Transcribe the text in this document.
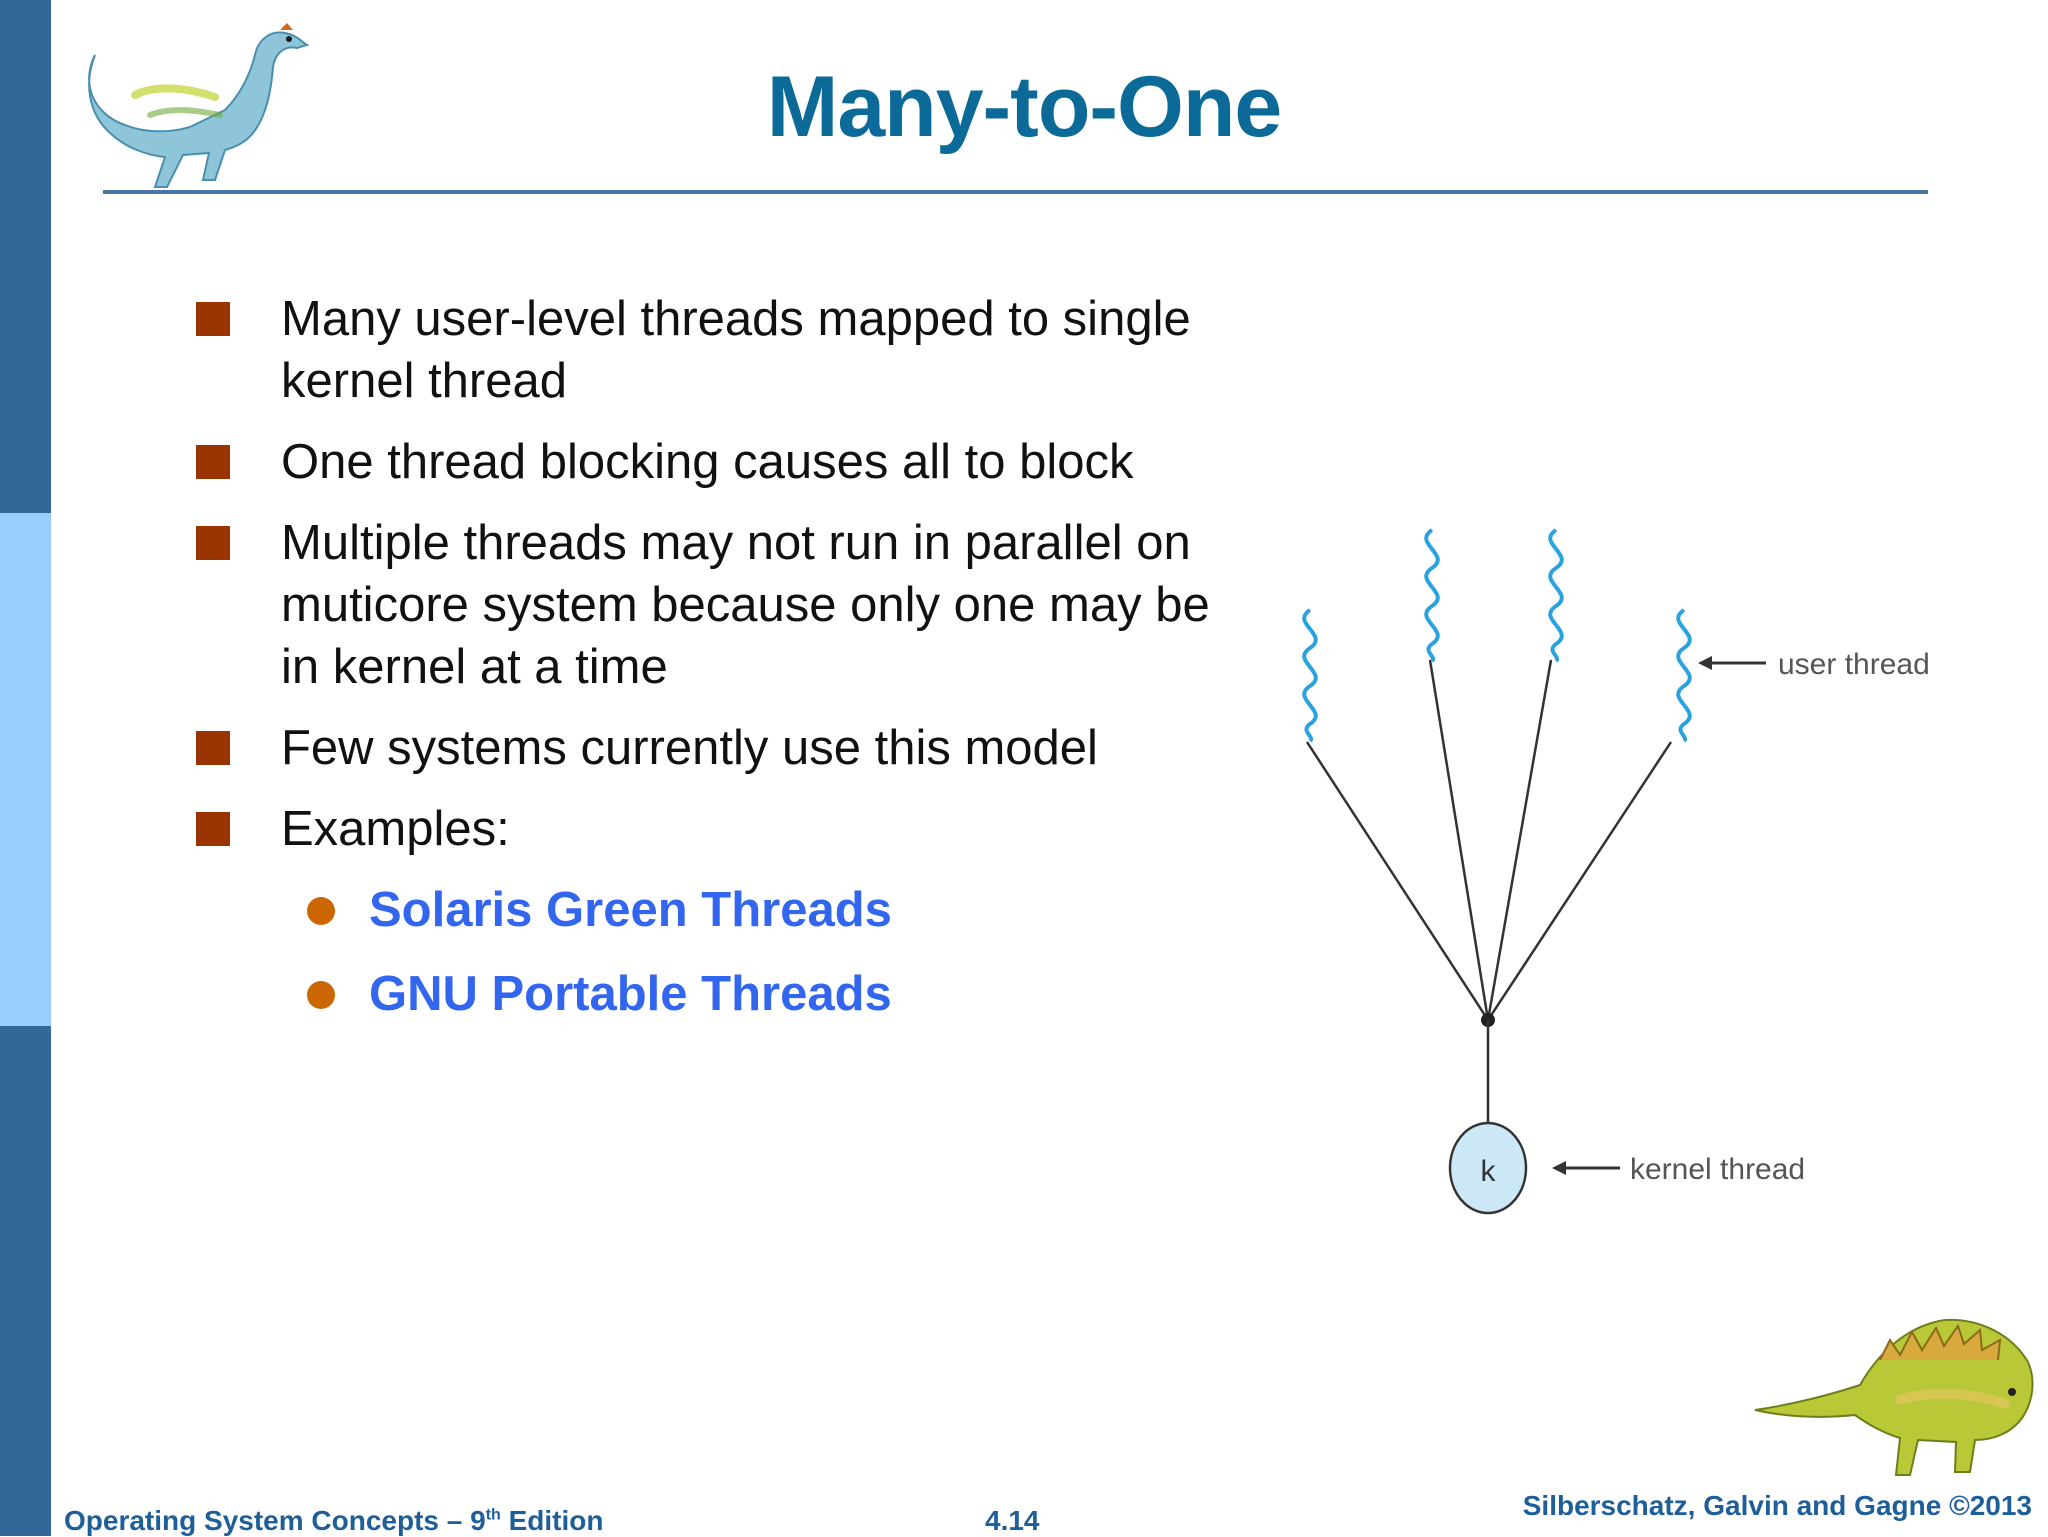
Many-to-One
Many user-level threads mapped to single kernel thread
One thread blocking causes all to block
Multiple threads may not run in parallel on muticore system because only one may be in kernel at a time
Few systems currently use this model
Examples:
Solaris Green Threads
GNU Portable Threads
k
user thread
kernel thread
Operating System Concepts – 9th Edition	4.14	Silberschatz, Galvin and Gagne ©2013
